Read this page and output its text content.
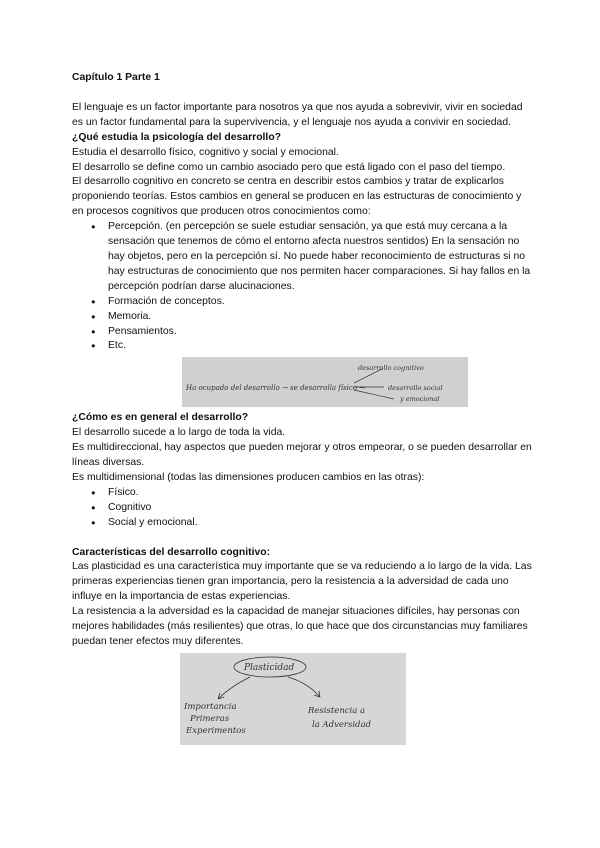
Capítulo 1 Parte 1

El lenguaje es un factor importante para nosotros ya que nos ayuda a sobrevivir, vivir en sociedad es un factor fundamental para la supervivencia, y el lenguaje nos ayuda a convivir en sociedad.

¿Qué estudia la psicología del desarrollo?

Estudia el desarrollo físico, cognitivo y social y emocional.

El desarrollo se define como un cambio asociado pero que está ligado con el paso del tiempo.

El desarrollo cognitivo en concreto se centra en describir estos cambios y tratar de explicarlos proponiendo teorías. Estos cambios en general se producen en las estructuras de conocimiento y en procesos cognitivos que producen otros conocimientos como:

● Percepción. (en percepción se suele estudiar sensación, ya que está muy cercana a la sensación que tenemos de cómo el entorno afecta nuestros sentidos) En la sensación no hay objetos, pero en la percepción sí. No puede haber reconocimiento de estructuras si no hay estructuras de conocimiento que nos permiten hacer comparaciones. Si hay fallos en la percepción podrían darse alucinaciones.
● Formación de conceptos.
● Memoria.
● Pensamientos.
● Etc.
Ha ocupado del desarrollo → se desarrolla físico →
desarrollo cognitivo
desarrollo social
y emocional

¿Cómo es en general el desarrollo?

El desarrollo sucede a lo largo de toda la vida.

Es multidireccional, hay aspectos que pueden mejorar y otros empeorar, o se pueden desarrollar en líneas diversas.

Es multidimensional (todas las dimensiones producen cambios en las otras):

● Físico.
● Cognitivo
● Social y emocional.

Características del desarrollo cognitivo:

Las plasticidad es una característica muy importante que se va reduciendo a lo largo de la vida. Las primeras experiencias tienen gran importancia, pero la resistencia a la adversidad de cada uno influye en la importancia de estas experiencias.

La resistencia a la adversidad es la capacidad de manejar situaciones difíciles, hay personas con mejores habilidades (más resilientes) que otras, lo que hace que dos circunstancias muy familiares puedan tener efectos muy diferentes.

Plasticidad
Importancia
Primeras
Experimentos
Resistencia a
la Adversidad
